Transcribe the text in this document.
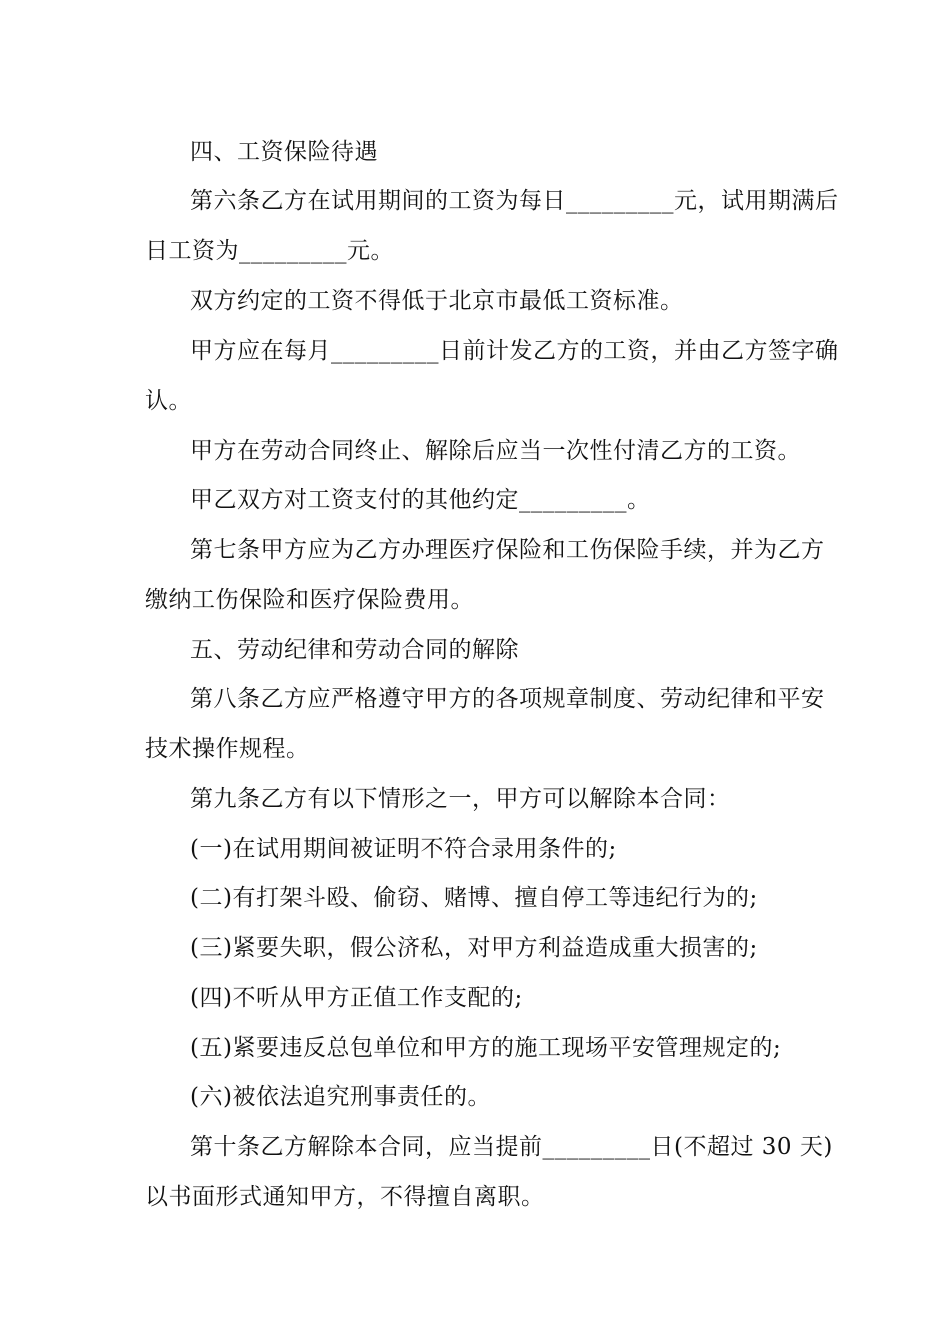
四、工资保险待遇
第六条乙方在试用期间的工资为每日_________元，试用期满后
日工资为_________元。
双方约定的工资不得低于北京市最低工资标准。
甲方应在每月_________日前计发乙方的工资，并由乙方签字确
认。
甲方在劳动合同终止、解除后应当一次性付清乙方的工资。
甲乙双方对工资支付的其他约定_________。
第七条甲方应为乙方办理医疗保险和工伤保险手续，并为乙方
缴纳工伤保险和医疗保险费用。
五、劳动纪律和劳动合同的解除
第八条乙方应严格遵守甲方的各项规章制度、劳动纪律和平安
技术操作规程。
第九条乙方有以下情形之一，甲方可以解除本合同：
(一)在试用期间被证明不符合录用条件的;
(二)有打架斗殴、偷窃、赌博、擅自停工等违纪行为的;
(三)紧要失职，假公济私，对甲方利益造成重大损害的;
(四)不听从甲方正值工作支配的;
(五)紧要违反总包单位和甲方的施工现场平安管理规定的;
(六)被依法追究刑事责任的。
第十条乙方解除本合同，应当提前_________日(不超过 30 天)
以书面形式通知甲方，不得擅自离职。
